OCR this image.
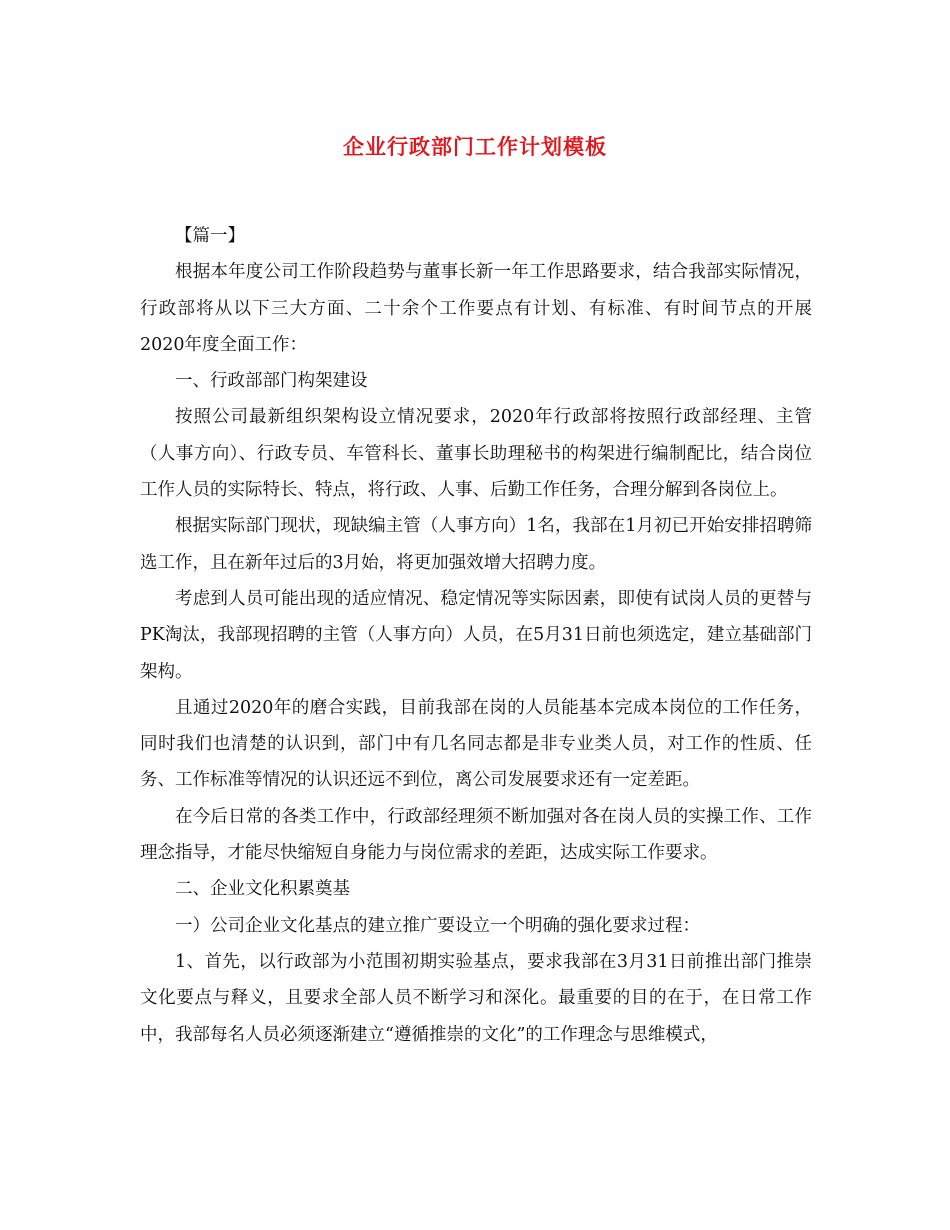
企业行政部门工作计划模板

【篇一】

根据本年度公司工作阶段趋势与董事长新一年工作思路要求，结合我部实际情况，行政部将从以下三大方面、二十余个工作要点有计划、有标准、有时间节点的开展2020年度全面工作：

一、行政部部门构架建设

按照公司最新组织架构设立情况要求，2020年行政部将按照行政部经理、主管（人事方向）、行政专员、车管科长、董事长助理秘书的构架进行编制配比，结合岗位工作人员的实际特长、特点，将行政、人事、后勤工作任务，合理分解到各岗位上。

根据实际部门现状，现缺编主管（人事方向）1名，我部在1月初已开始安排招聘筛选工作，且在新年过后的3月始，将更加强效增大招聘力度。

考虑到人员可能出现的适应情况、稳定情况等实际因素，即使有试岗人员的更替与PK淘汰，我部现招聘的主管（人事方向）人员，在5月31日前也须选定，建立基础部门架构。

且通过2020年的磨合实践，目前我部在岗的人员能基本完成本岗位的工作任务，同时我们也清楚的认识到，部门中有几名同志都是非专业类人员，对工作的性质、任务、工作标准等情况的认识还远不到位，离公司发展要求还有一定差距。

在今后日常的各类工作中，行政部经理须不断加强对各在岗人员的实操工作、工作理念指导，才能尽快缩短自身能力与岗位需求的差距，达成实际工作要求。

二、企业文化积累奠基

一）公司企业文化基点的建立推广要设立一个明确的强化要求过程：

1、首先，以行政部为小范围初期实验基点，要求我部在3月31日前推出部门推崇文化要点与释义，且要求全部人员不断学习和深化。最重要的目的在于，在日常工作中，我部每名人员必须逐渐建立“遵循推崇的文化”的工作理念与思维模式，
